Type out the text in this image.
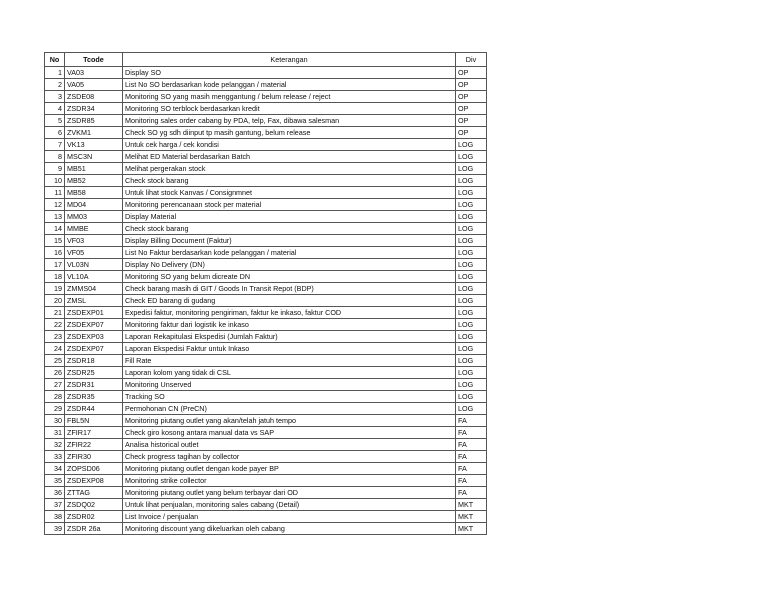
No	Tcode	Keterangan	Div
1	VA03	Display SO	OP
2	VA05	List No SO berdasarkan kode pelanggan / material	OP
3	ZSDE08	Monitoring SO yang masih menggantung / belum release / reject	OP
4	ZSDR34	Monitoring SO terblock berdasarkan kredit	OP
5	ZSDR85	Monitoring sales order cabang by PDA, telp, Fax, dibawa salesman	OP
6	ZVKM1	Check SO yg sdh diinput tp masih gantung, belum release	OP
7	VK13	Untuk cek harga / cek kondisi	LOG
8	MSC3N	Melihat ED Material berdasarkan Batch	LOG
9	MB51	Melihat pergerakan stock	LOG
10	MB52	Check stock barang	LOG
11	MB58	Untuk lihat stock Kanvas / Consignmnet	LOG
12	MD04	Monitoring perencanaan stock per material	LOG
13	MM03	Display Material	LOG
14	MMBE	Check stock barang	LOG
15	VF03	Display Billing Document (Faktur)	LOG
16	VF05	List No Faktur berdasarkan kode pelanggan / material	LOG
17	VL03N	Display No Delivery (DN)	LOG
18	VL10A	Monitoring SO yang belum dicreate DN	LOG
19	ZMMS04	Check barang masih di GIT / Goods In Transit Repot (BDP)	LOG
20	ZMSL	Check ED barang di gudang	LOG
21	ZSDEXP01	Expedisi faktur, monitoring pengiriman, faktur ke inkaso, faktur COD	LOG
22	ZSDEXP07	Monitoring faktur dari logistik ke inkaso	LOG
23	ZSDEXP03	Laporan Rekapitulasi Ekspedisi (Jumlah Faktur)	LOG
24	ZSDEXP07	Laporan Ekspedisi Faktur untuk Inkaso	LOG
25	ZSDR18	Fill Rate	LOG
26	ZSDR25	Laporan kolom yang tidak di CSL	LOG
27	ZSDR31	Monitoring Unserved	LOG
28	ZSDR35	Tracking SO	LOG
29	ZSDR44	Permohonan CN (PreCN)	LOG
30	FBL5N	Monitoring piutang outlet yang akan/telah jatuh tempo	FA
31	ZFIR17	Check giro kosong antara manual data vs SAP	FA
32	ZFIR22	Analisa historical outlet	FA
33	ZFIR30	Check progress tagihan by collector	FA
34	ZOPSD06	Monitoring piutang outlet dengan kode payer BP	FA
35	ZSDEXP08	Monitoring strike collector	FA
36	ZTTAG	Monitoring piutang outlet yang belum terbayar dari OD	FA
37	ZSDQ02	Untuk lihat penjualan, monitoring sales cabang (Detail)	MKT
38	ZSDR02	List Invoice / penjualan	MKT
39	ZSDR 26a	Monitoring discount yang dikeluarkan oleh cabang	MKT
